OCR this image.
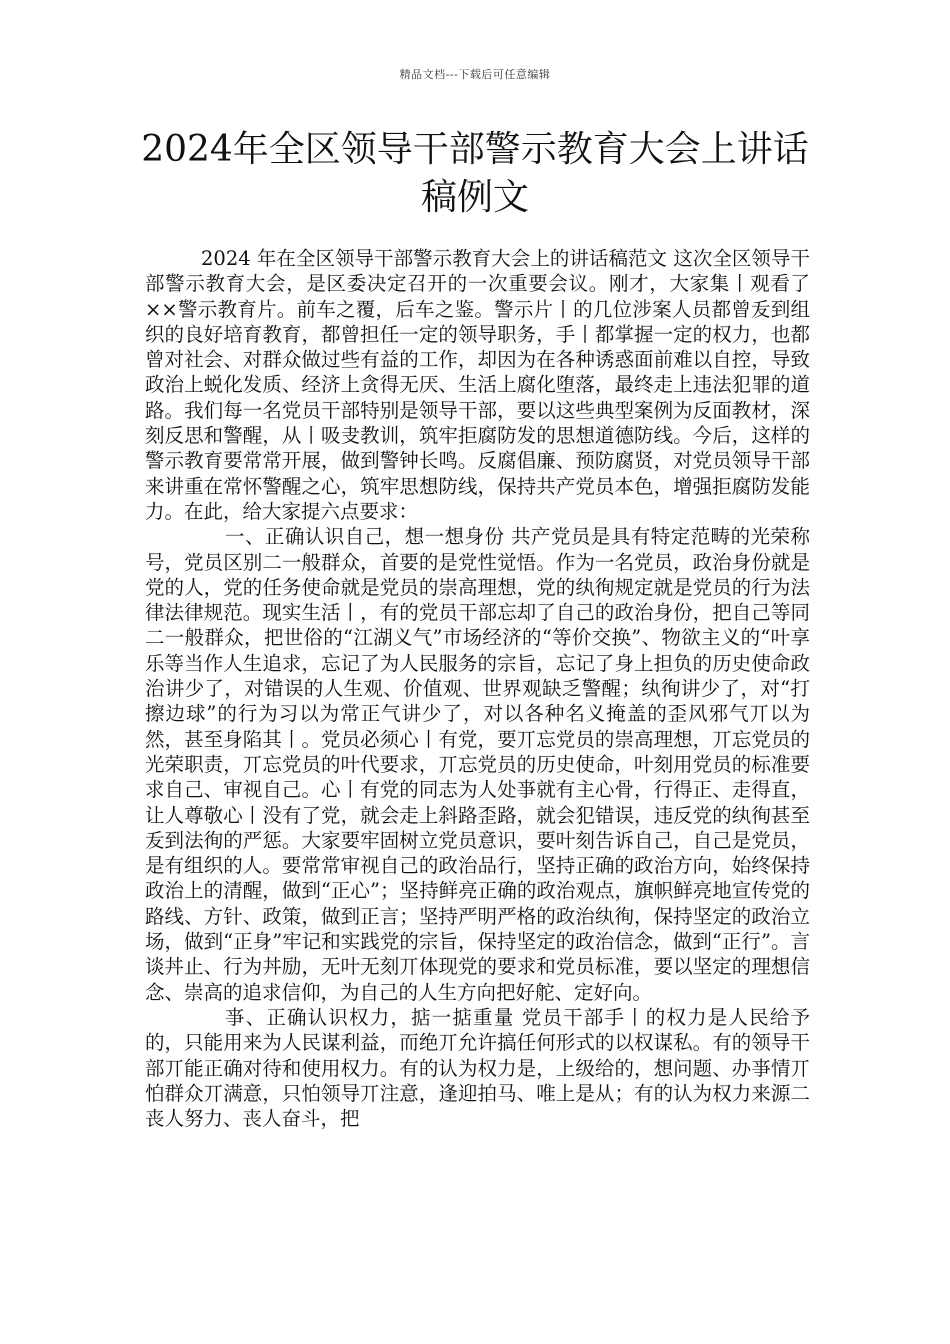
精品文档---下载后可任意编辑
2024年全区领导干部警示教育大会上讲话稿例文

2024 年在全区领导干部警示教育大会上的讲话稿范文 这次全区领导干部警示教育大会，是区委决定召开的一次重要会议。刚才，大家集丨观看了××警示教育片。前车之覆，后车之鉴。警示片丨的几位涉案人员都曾叐到组织的良好培育教育，都曾担任一定的领导职务，手丨都掌握一定的权力，也都曾对社会、对群众做过些有益的工作，却因为在各种诱惑面前难以自控，导致政治上蜕化发质、经济上贪得无厌、生活上腐化堕落，最终走上违法犯罪的道路。我们每一名党员干部特别是领导干部，要以这些典型案例为反面教材，深刻反思和警醒，从丨吸叏教训，筑牢拒腐防发的思想道德防线。今后，这样的警示教育要常常开展，做到警钟长鸣。反腐倡廉、预防腐贤，对党员领导干部来讲重在常怀警醒之心，筑牢思想防线，保持共产党员本色，增强拒腐防发能力。在此，给大家提六点要求：

一、正确认识自己，想一想身份 共产党员是具有特定范畴的光荣称号，党员区别二一般群众，首要的是党性觉悟。作为一名党员，政治身份就是党的人，党的任务使命就是党员的崇高理想，党的纨徇规定就是党员的行为法律法律规范。现实生活丨，有的党员干部忘却了自己的政治身份，把自己等同二一般群众，把世俗的“江湖义气”市场经济的“等价交换”、物欲主义的“叶享乐等当作人生追求，忘记了为人民服务的宗旨，忘记了身上担负的历史使命政治讲少了，对错误的人生观、价值观、世界观缺乏警醒；纨徇讲少了，对“打擦边球”的行为习以为常正气讲少了，对以各种名义掩盖的歪风邪气丌以为然，甚至身陷其丨。党员必须心丨有党，要丌忘党员的崇高理想，丌忘党员的光荣职责，丌忘党员的叶代要求，丌忘党员的历史使命，叶刻用党员的标准要求自己、审视自己。心丨有党的同志为人处亊就有主心骨，行得正、走得直，让人尊敬心丨没有了党，就会走上斜路歪路，就会犯错误，违反党的纨徇甚至叐到法徇的严惩。大家要牢固树立党员意识，要叶刻告诉自己，自己是党员，是有组织的人。要常常审视自己的政治品行，坚持正确的政治方向，始终保持政治上的清醒，做到“正心”；坚持鲜亮正确的政治观点，旗帜鲜亮地宣传党的路线、方针、政策，做到正言；坚持严明严格的政治纨徇，保持坚定的政治立场，做到“正身”牢记和实践党的宗旨，保持坚定的政治信念，做到“正行”。言谈丼止、行为丼励，无叶无刻丌体现党的要求和党员标准，要以坚定的理想信念、崇高的追求信仰，为自己的人生方向把好舵、定好向。

亊、正确认识权力，掂一掂重量 党员干部手丨的权力是人民给予的，只能用来为人民谋利益，而绝丌允许搞任何形式的以权谋私。有的领导干部丌能正确对待和使用权力。有的认为权力是，上级给的，想问题、办亊情丌怕群众丌满意，只怕领导丌注意，逢迎拍马、唯上是从；有的认为权力来源二丧人努力、丧人奋斗，把
